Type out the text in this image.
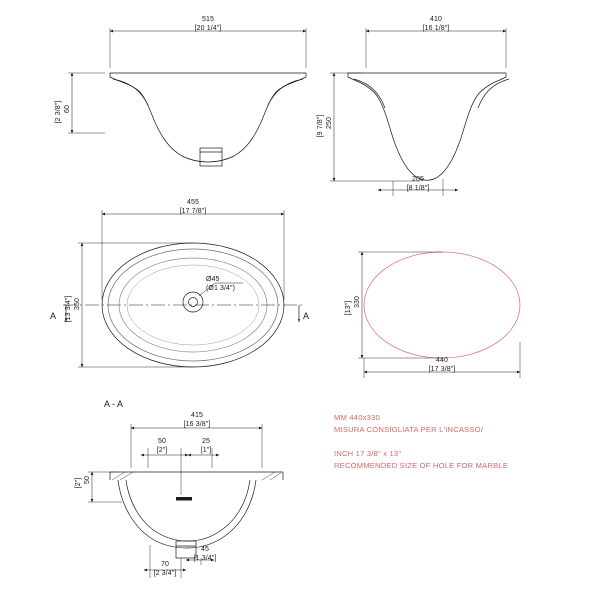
515
[20 1/4"]
60
[2 3/8"]
410
[16 1/8"]
250
[9 7/8"]
205
[8 1/8"]
455
[17 7/8"]
350
[13 3/4"]
Ø45
(Ø1 3/4")
A	A
330
[13"]
440
[17 3/8"]
A - A
415
[16 3/8"]
50
[2"]
25
[1"]
50
[2"]
70
[2 3/4"]
45
[1 3/4"]
MM 440x330
MISURA CONSIGLIATA PER L'INCASSO/
INCH 17 3/8" x 13"
RECOMMENDED SIZE OF HOLE FOR MARBLE
